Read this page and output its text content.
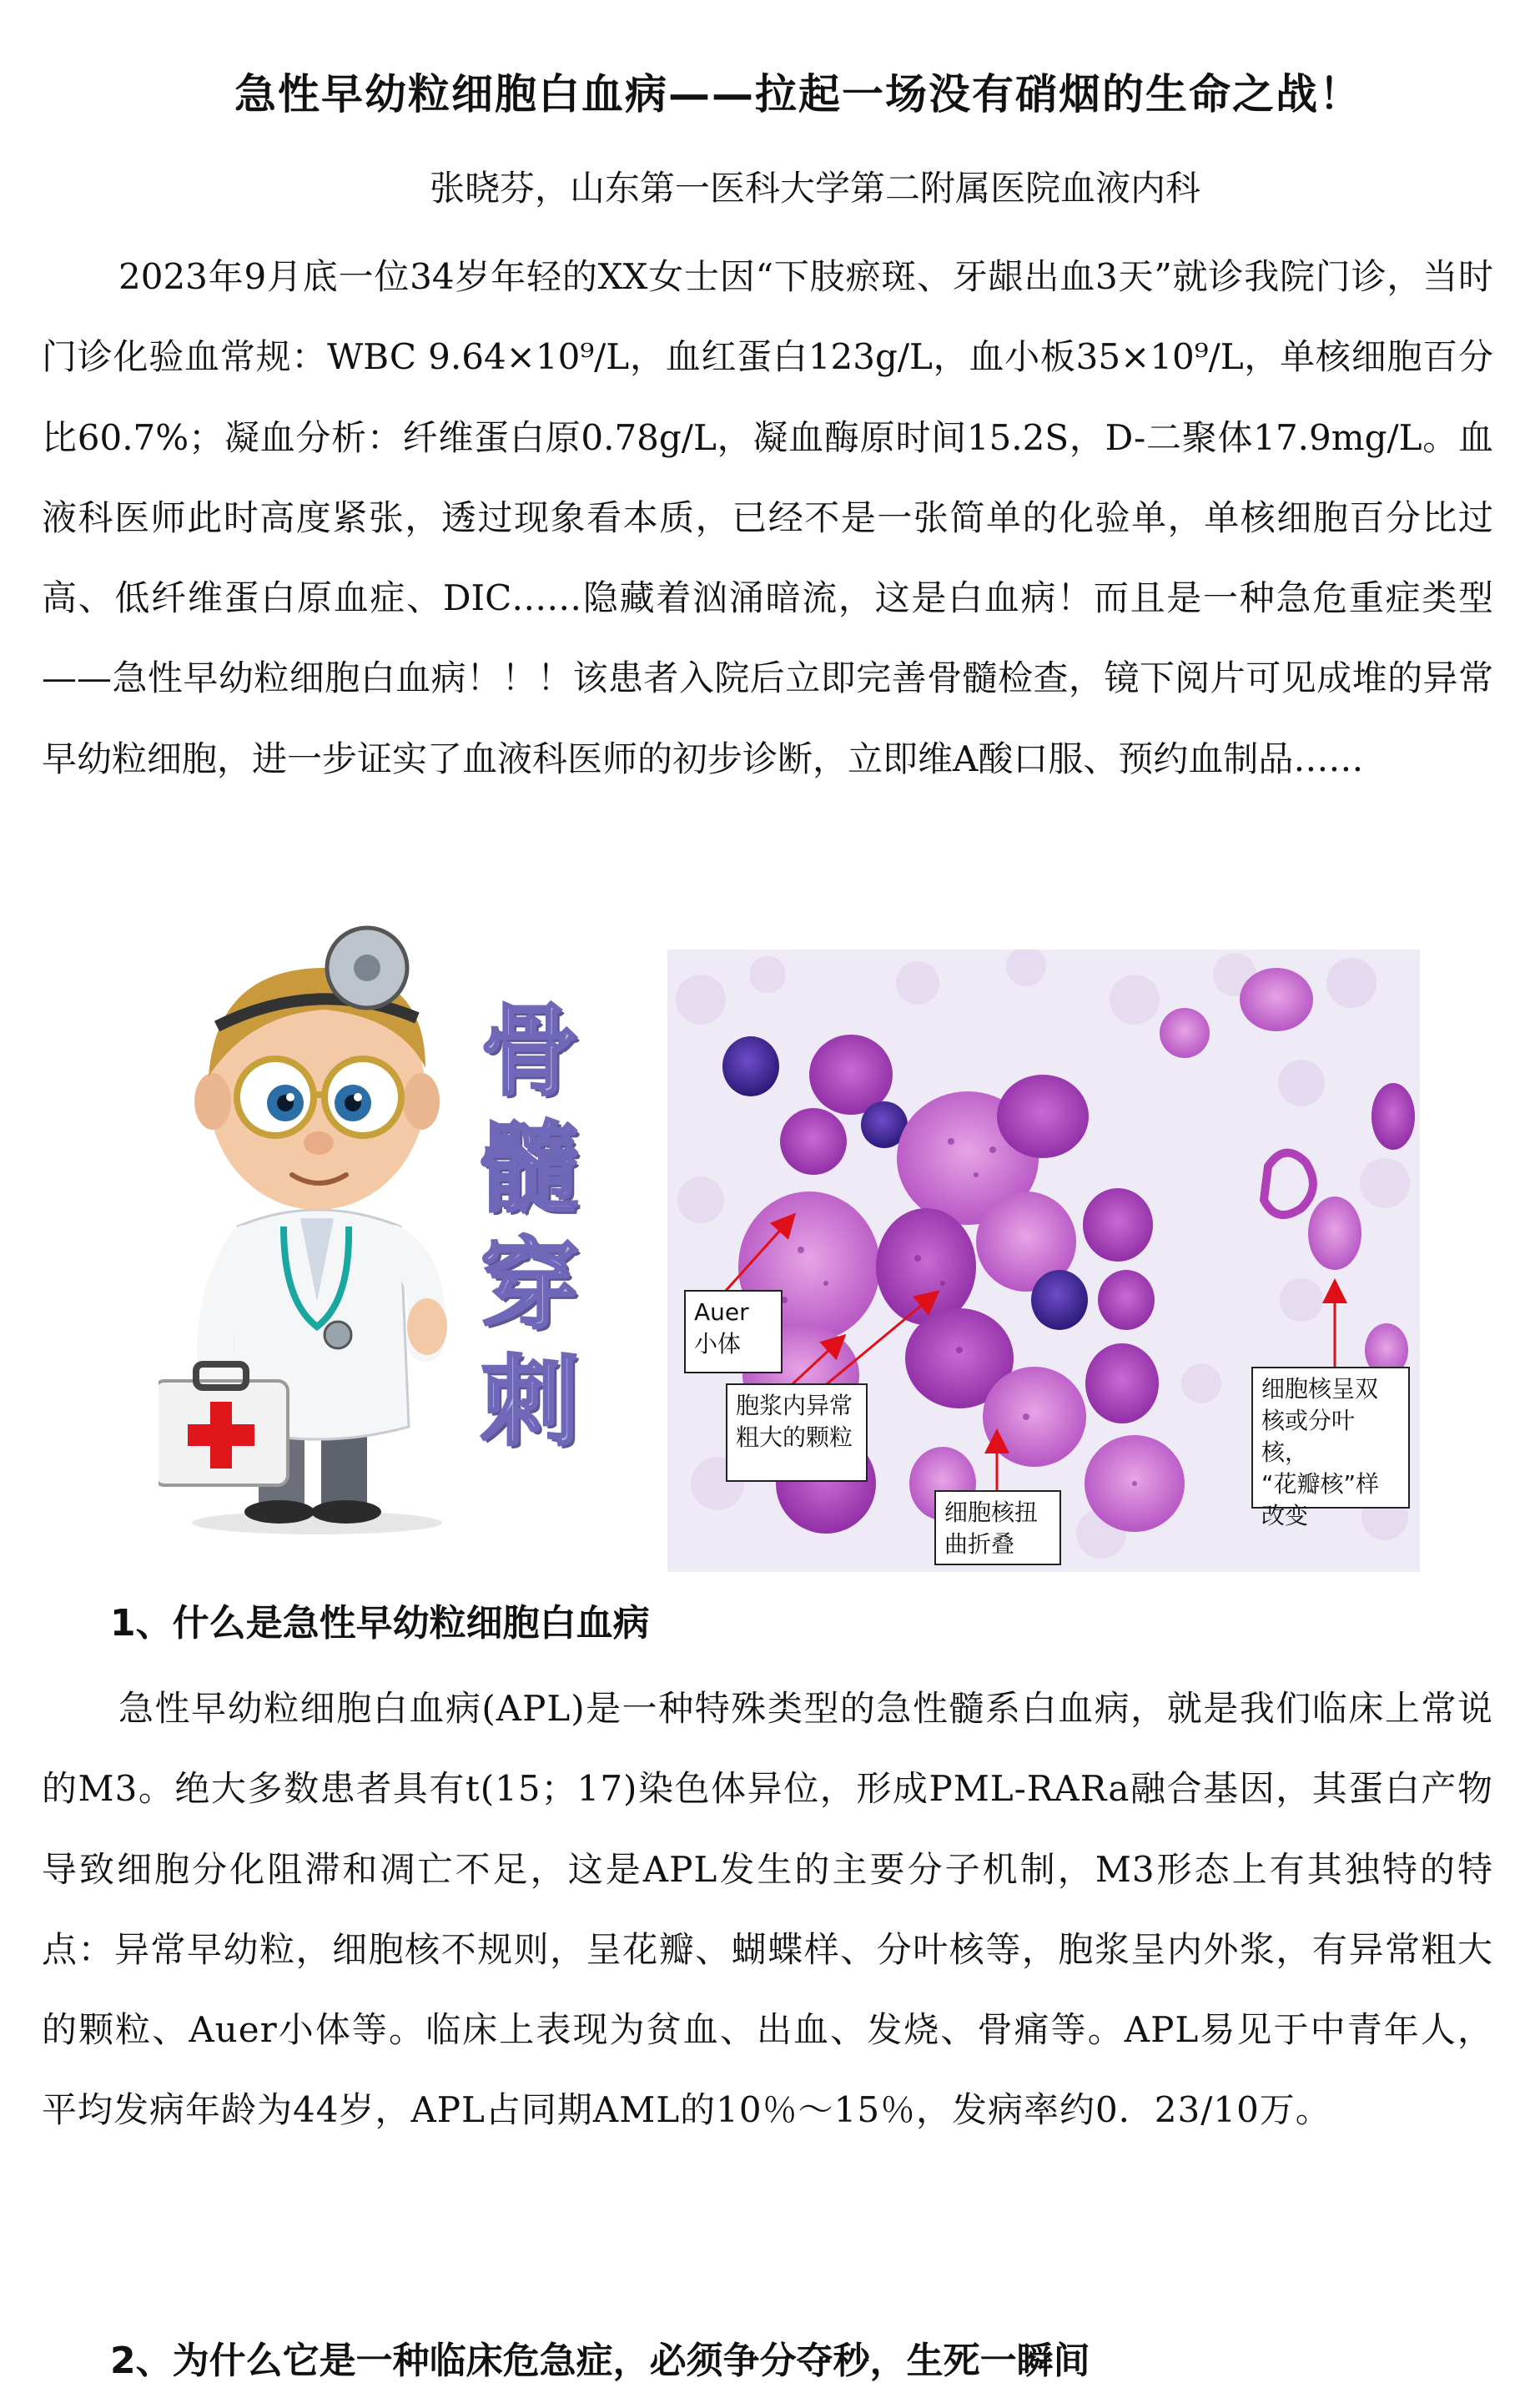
急性早幼粒细胞白血病——拉起一场没有硝烟的生命之战！

张晓芬，山东第一医科大学第二附属医院血液内科

2023年9月底一位34岁年轻的XX女士因“下肢瘀斑、牙龈出血3天”就诊我院门诊，当时门诊化验血常规：WBC 9.64×10⁹/L，血红蛋白123g/L，血小板35×10⁹/L，单核细胞百分比60.7%；凝血分析：纤维蛋白原0.78g/L，凝血酶原时间15.2S，D-二聚体17.9mg/L。血液科医师此时高度紧张，透过现象看本质，已经不是一张简单的化验单，单核细胞百分比过高、低纤维蛋白原血症、DIC……隐藏着汹涌暗流，这是白血病！而且是一种急危重症类型——急性早幼粒细胞白血病！！！该患者入院后立即完善骨髓检查，镜下阅片可见成堆的异常早幼粒细胞，进一步证实了血液科医师的初步诊断，立即维A酸口服、预约血制品……

骨
髓
穿
刺
Auer
小体
胞浆内异常
粗大的颗粒
细胞核扭
曲折叠
细胞核呈双
核或分叶核，
“花瓣核”样
改变
1、什么是急性早幼粒细胞白血病

急性早幼粒细胞白血病(APL)是一种特殊类型的急性髓系白血病，就是我们临床上常说的M3。绝大多数患者具有t(15；17)染色体异位，形成PML-RARa融合基因，其蛋白产物导致细胞分化阻滞和凋亡不足，这是APL发生的主要分子机制，M3形态上有其独特的特点：异常早幼粒，细胞核不规则，呈花瓣、蝴蝶样、分叶核等，胞浆呈内外浆，有异常粗大的颗粒、Auer小体等。临床上表现为贫血、出血、发烧、骨痛等。APL易见于中青年人，平均发病年龄为44岁，APL占同期AML的10％～15％，发病率约0．23/10万。

2、为什么它是一种临床危急症，必须争分夺秒，生死一瞬间
